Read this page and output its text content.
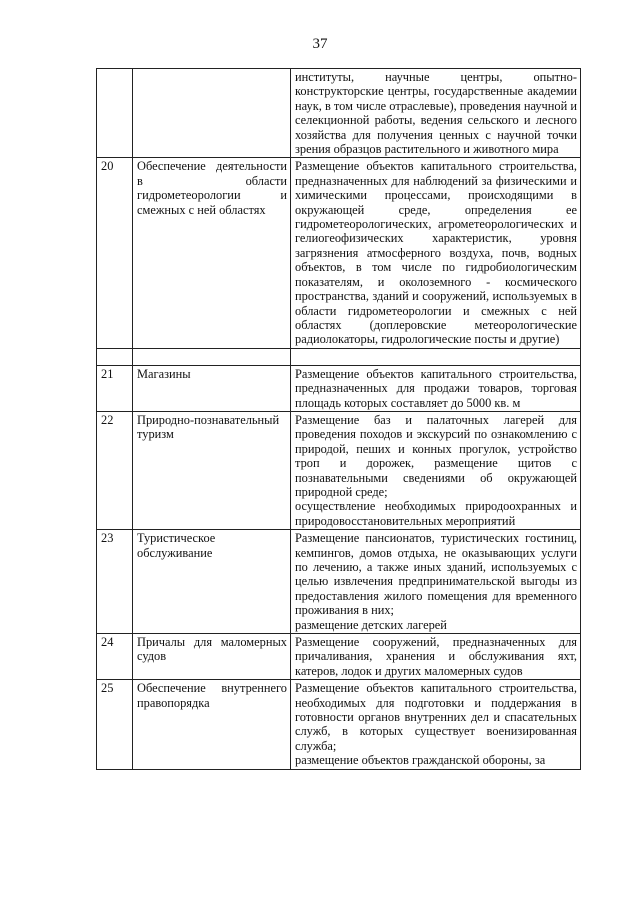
37

		институты, научные центры, опытно-конструкторские центры, государственные академии наук, в том числе отраслевые), проведения научной и селекционной работы, ведения сельского и лесного хозяйства для получения ценных с научной точки зрения образцов растительного и животного мира

20	Обеспечение деятельности в области гидрометеорологии и смежных с ней областях	Размещение объектов капитального строительства, предназначенных для наблюдений за физическими и химическими процессами, происходящими в окружающей среде, определения ее гидрометеорологических, агрометеорологических и гелиогеофизических характеристик, уровня загрязнения атмосферного воздуха, почв, водных объектов, в том числе по гидробиологическим показателям, и околоземного - космического пространства, зданий и сооружений, используемых в области гидрометеорологии и смежных с ней областях (доплеровские метеорологические радиолокаторы, гидрологические посты и другие)

21	Магазины	Размещение объектов капитального строительства, предназначенных для продажи товаров, торговая площадь которых составляет до 5000 кв. м

22	Природно-познавательный туризм	Размещение баз и палаточных лагерей для проведения походов и экскурсий по ознакомлению с природой, пеших и конных прогулок, устройство троп и дорожек, размещение щитов с познавательными сведениями об окружающей природной среде;
осуществление необходимых природоохранных и природовосстановительных мероприятий

23	Туристическое обслуживание	Размещение пансионатов, туристических гостиниц, кемпингов, домов отдыха, не оказывающих услуги по лечению, а также иных зданий, используемых с целью извлечения предпринимательской выгоды из предоставления жилого помещения для временного проживания в них;
размещение детских лагерей

24	Причалы для маломерных судов	Размещение сооружений, предназначенных для причаливания, хранения и обслуживания яхт, катеров, лодок и других маломерных судов

25	Обеспечение внутреннего правопорядка	Размещение объектов капитального строительства, необходимых для подготовки и поддержания в готовности органов внутренних дел и спасательных служб, в которых существует военизированная служба;
размещение объектов гражданской обороны, за
